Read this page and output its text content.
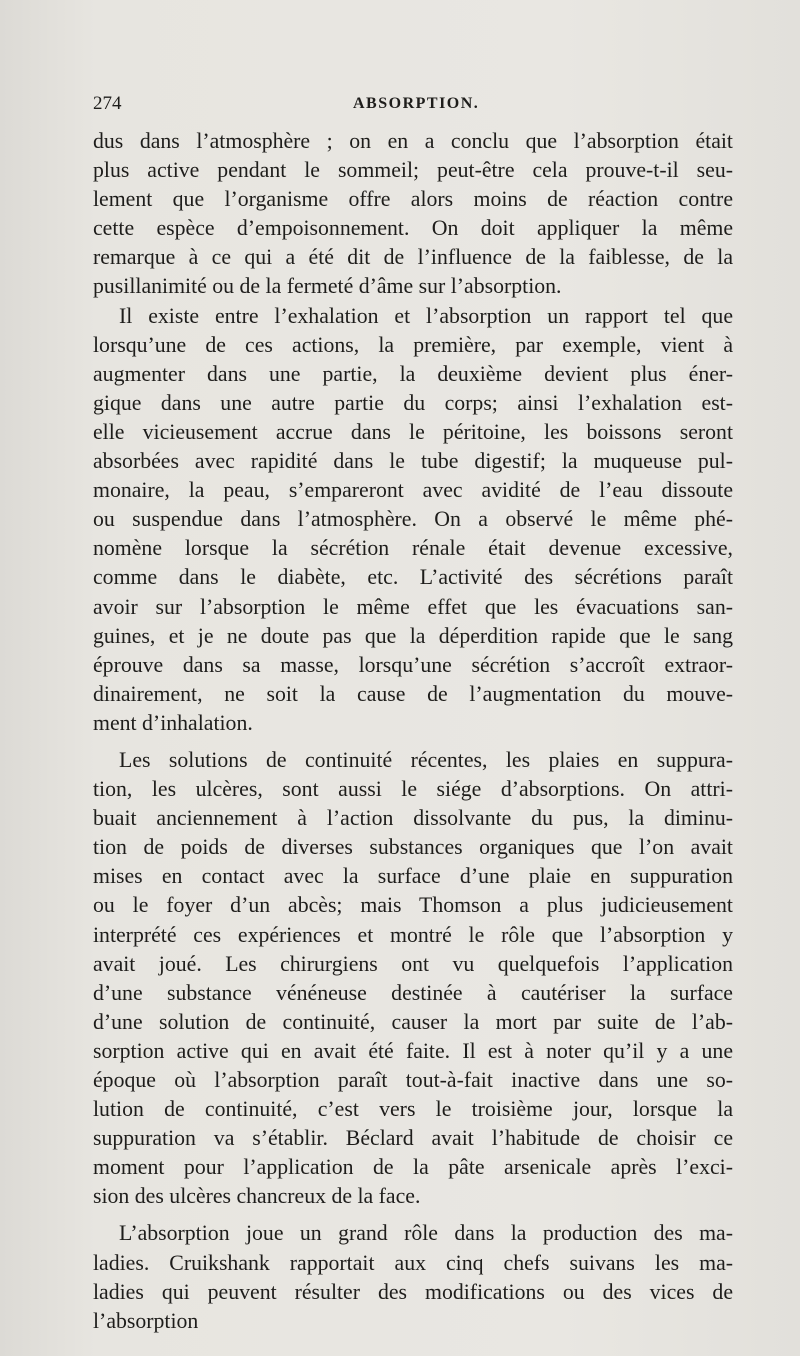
274	ABSORPTION.
dus dans l’atmosphère ; on en a conclu que l’absorption était
plus active pendant le sommeil; peut-être cela prouve-t-il seu-
lement que l’organisme offre alors moins de réaction contre
cette espèce d’empoisonnement. On doit appliquer la même
remarque à ce qui a été dit de l’influence de la faiblesse, de la
pusillanimité ou de la fermeté d’âme sur l’absorption.
Il existe entre l’exhalation et l’absorption un rapport tel que
lorsqu’une de ces actions, la première, par exemple, vient à
augmenter dans une partie, la deuxième devient plus éner-
gique dans une autre partie du corps; ainsi l’exhalation est-
elle vicieusement accrue dans le péritoine, les boissons seront
absorbées avec rapidité dans le tube digestif; la muqueuse pul-
monaire, la peau, s’empareront avec avidité de l’eau dissoute
ou suspendue dans l’atmosphère. On a observé le même phé-
nomène lorsque la sécrétion rénale était devenue excessive,
comme dans le diabète, etc. L’activité des sécrétions paraît
avoir sur l’absorption le même effet que les évacuations san-
guines, et je ne doute pas que la déperdition rapide que le sang
éprouve dans sa masse, lorsqu’une sécrétion s’accroît extraor-
dinairement, ne soit la cause de l’augmentation du mouve-
ment d’inhalation.
Les solutions de continuité récentes, les plaies en suppura-
tion, les ulcères, sont aussi le siége d’absorptions. On attri-
buait anciennement à l’action dissolvante du pus, la diminu-
tion de poids de diverses substances organiques que l’on avait
mises en contact avec la surface d’une plaie en suppuration
ou le foyer d’un abcès; mais Thomson a plus judicieusement
interprété ces expériences et montré le rôle que l’absorption y
avait joué. Les chirurgiens ont vu quelquefois l’application
d’une substance vénéneuse destinée à cautériser la surface
d’une solution de continuité, causer la mort par suite de l’ab-
sorption active qui en avait été faite. Il est à noter qu’il y a une
époque où l’absorption paraît tout-à-fait inactive dans une so-
lution de continuité, c’est vers le troisième jour, lorsque la
suppuration va s’établir. Béclard avait l’habitude de choisir ce
moment pour l’application de la pâte arsenicale après l’exci-
sion des ulcères chancreux de la face.
L’absorption joue un grand rôle dans la production des ma-
ladies. Cruikshank rapportait aux cinq chefs suivans les ma-
ladies qui peuvent résulter des modifications ou des vices de
l’absorption
